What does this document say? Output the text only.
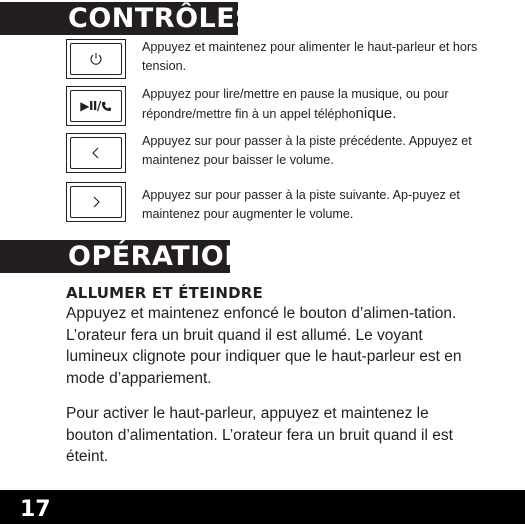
CONTRÔLES
Appuyez et maintenez pour alimenter le haut-parleur et hors tension.
▶II/
Appuyez pour lire/mettre en pause la musique, ou pour répondre/mettre fin à un appel téléphonique.
Appuyez sur pour passer à la piste précédente. Appuyez et maintenez pour baisser le volume.
Appuyez sur pour passer à la piste suivante. Ap-puyez et maintenez pour augmenter le volume.
OPÉRATION
ALLUMER ET ÉTEINDRE
Appuyez et maintenez enfoncé le bouton d’alimen-tation. L’orateur fera un bruit quand il est allumé. Le voyant lumineux clignote pour indiquer que le haut-parleur est en mode d’appariement.
Pour activer le haut-parleur, appuyez et maintenez le bouton d’alimentation. L’orateur fera un bruit quand il est éteint.
17
